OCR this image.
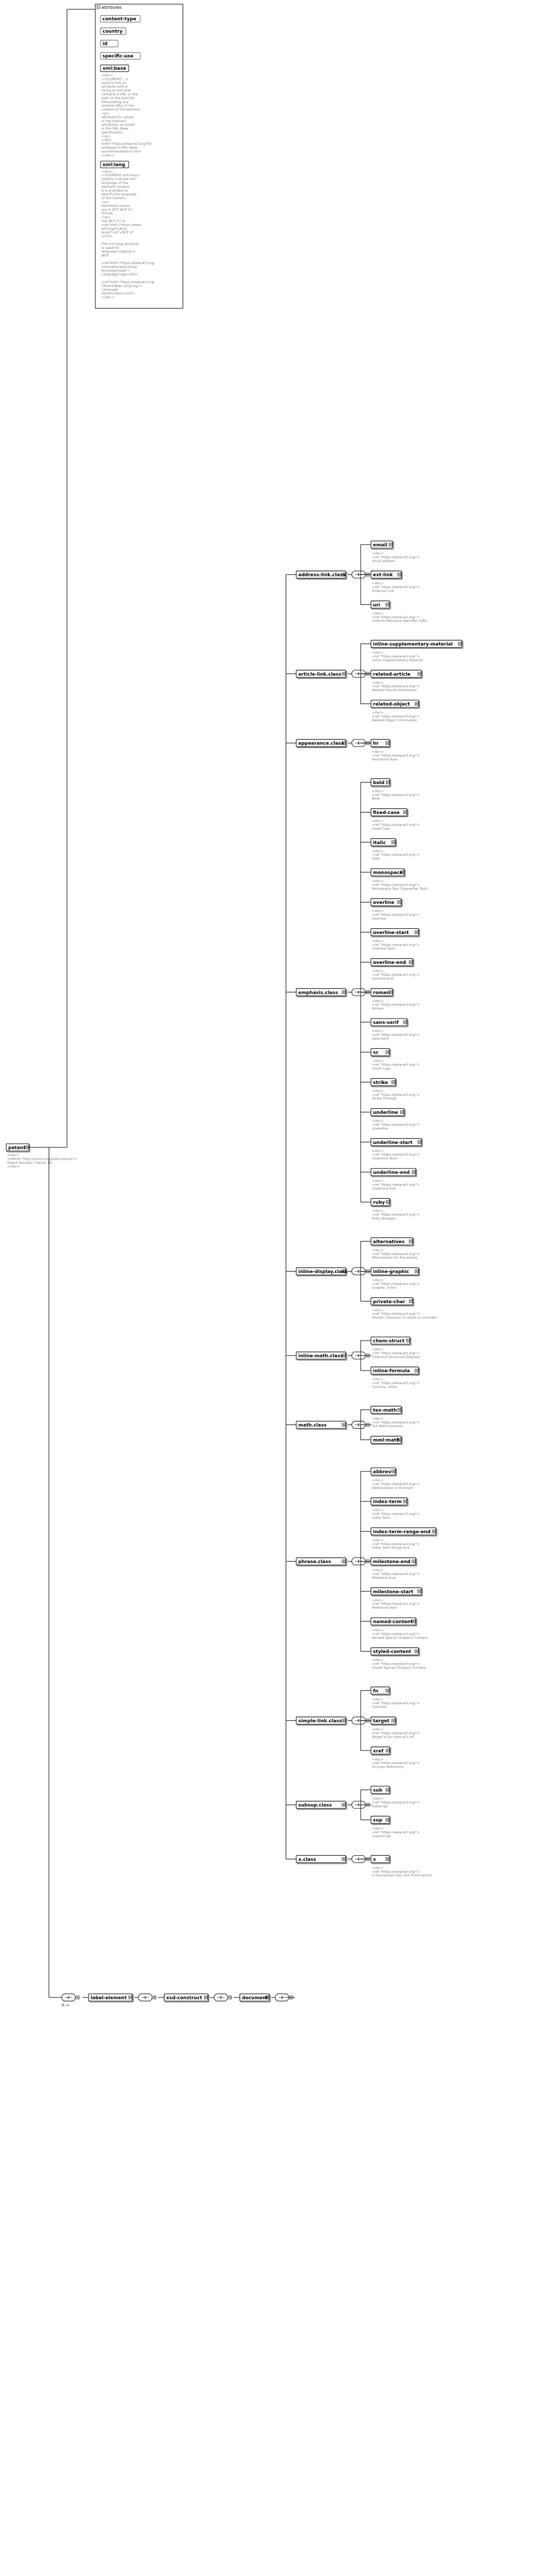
patent
<doc>
<refinfo "http://xmlns.org/publications/">
Patent Number / Patent No.
</doc>
attributes
content-type
country
id
specific-use
xml:base
<doc>
<!ELEMENT ...>
Used to link an
attribute with a
string of text that
contains a URI, or the
path to the base for
interpreting any
relative URLs in the
content of the element.
<p>
Attribute for values
in the relevant
attributes, as noted
in the XML Base
specification.
</p>
<ref>
href="https://www.w3.org/TR/
xmlbase/">XML Base
recommendation</ref>
</doc>
xml:lang
<doc>
<!ELEMENT xml:lang>
Used to indicate the
language of the
element content.
It is provided to
specify the language
of the content.
<p>
Permitted values
are in IETF BCP 47
format.
</p>
See BCP 47 at
<ref href="https://www.
ietf.org/rfc/bcp/
bcp47.txt">BCP 47
</ref>
The xml:lang attribute
is used for
language tagging in
JATS.
<ref href="https://www.w3.org/
International/articles/
language-tags/">
Language tags</ref>
<ref href="https://www.w3.org/
TR/xml/#sec-lang-tag">
Language
identification</ref>
</doc>
0..∞
label-element	xsd-construct	document
address-link.class
email
<doc>
<ref "https://www.w3.org/">
email address
ext-link
<doc>
<ref "https://www.w3.org/">
External Link
uri
<doc>
<ref "https://www.w3.org/">
Uniform Resource Identifier (URI)
article-link.class
inline-supplementary-material
<doc>
<ref "https://www.w3.org/">
Inline Supplementary Material
related-article
<doc>
<ref "https://www.w3.org/">
Related Article Information
related-object
<doc>
<ref "https://www.w3.org/">
Related Object Information
appearance.class	hr
<doc>
<ref "https://www.w3.org/">
Horizontal Rule
emphasis.class
bold
<doc>
<ref "https://www.w3.org/">
Bold
fixed-case
<doc>
<ref "https://www.w3.org/">
Fixed Case
italic
<doc>
<ref "https://www.w3.org/">
Italic
monospace
<doc>
<ref "https://www.w3.org/">
Monospace Text (Typewriter Text)
overline
<doc>
<ref "https://www.w3.org/">
Overline
overline-start
<doc>
<ref "https://www.w3.org/">
Overline Start
overline-end
<doc>
<ref "https://www.w3.org/">
Overline End
roman
<doc>
<ref "https://www.w3.org/">
Roman
sans-serif
<doc>
<ref "https://www.w3.org/">
Sans Serif
sc
<doc>
<ref "https://www.w3.org/">
Small Caps
strike
<doc>
<ref "https://www.w3.org/">
Strike Through
underline
<doc>
<ref "https://www.w3.org/">
Underline
underline-start
<doc>
<ref "https://www.w3.org/">
Underline Start
underline-end
<doc>
<ref "https://www.w3.org/">
Underline End
ruby
<doc>
<ref "https://www.w3.org/">
Ruby Wrapper
inline-display.class
alternatives
<doc>
<ref "https://www.w3.org/">
Alternatives For Processing
inline-graphic
<doc>
<ref "https://www.w3.org/">
Graphic, Inline
private-char
<doc>
<ref "https://www.w3.org/">
Private Character (Custom or Unicode)
inline-math.class
chem-struct
<doc>
<ref "https://www.w3.org/">
Chemical Structure (Display)
inline-formula
<doc>
<ref "https://www.w3.org/">
Formula, Inline
math.class
tex-math
<doc>
<ref "https://www.w3.org/">
TeX Math Equation
mml:math
phrase.class
abbrev
<doc>
<ref "https://www.w3.org/">
Abbreviation or Acronym
index-term
<doc>
<ref "https://www.w3.org/">
Index Term
index-term-range-end
<doc>
<ref "https://www.w3.org/">
Index Term Range End
milestone-end
<doc>
<ref "https://www.w3.org/">
Milestone End
milestone-start
<doc>
<ref "https://www.w3.org/">
Milestone Start
named-content
<doc>
<ref "https://www.w3.org/">
Named Special (Subject) Content
styled-content
<doc>
<ref "https://www.w3.org/">
Styled Special (Subject) Content
simple-link.class
fn
<doc>
<ref "https://www.w3.org/">
Footnote
target
<doc>
<ref "https://www.w3.org/">
Target of an Internal Link
xref
<doc>
<ref "https://www.w3.org/">
X(cross) Reference
subsup.class
sub
<doc>
<ref "https://www.w3.org/">
Subscript
sup
<doc>
<ref "https://www.w3.org/">
Superscript
x.class	x
<doc>
<ref "https://www.w3.org/">
X (Generated Text and Punctuation)
